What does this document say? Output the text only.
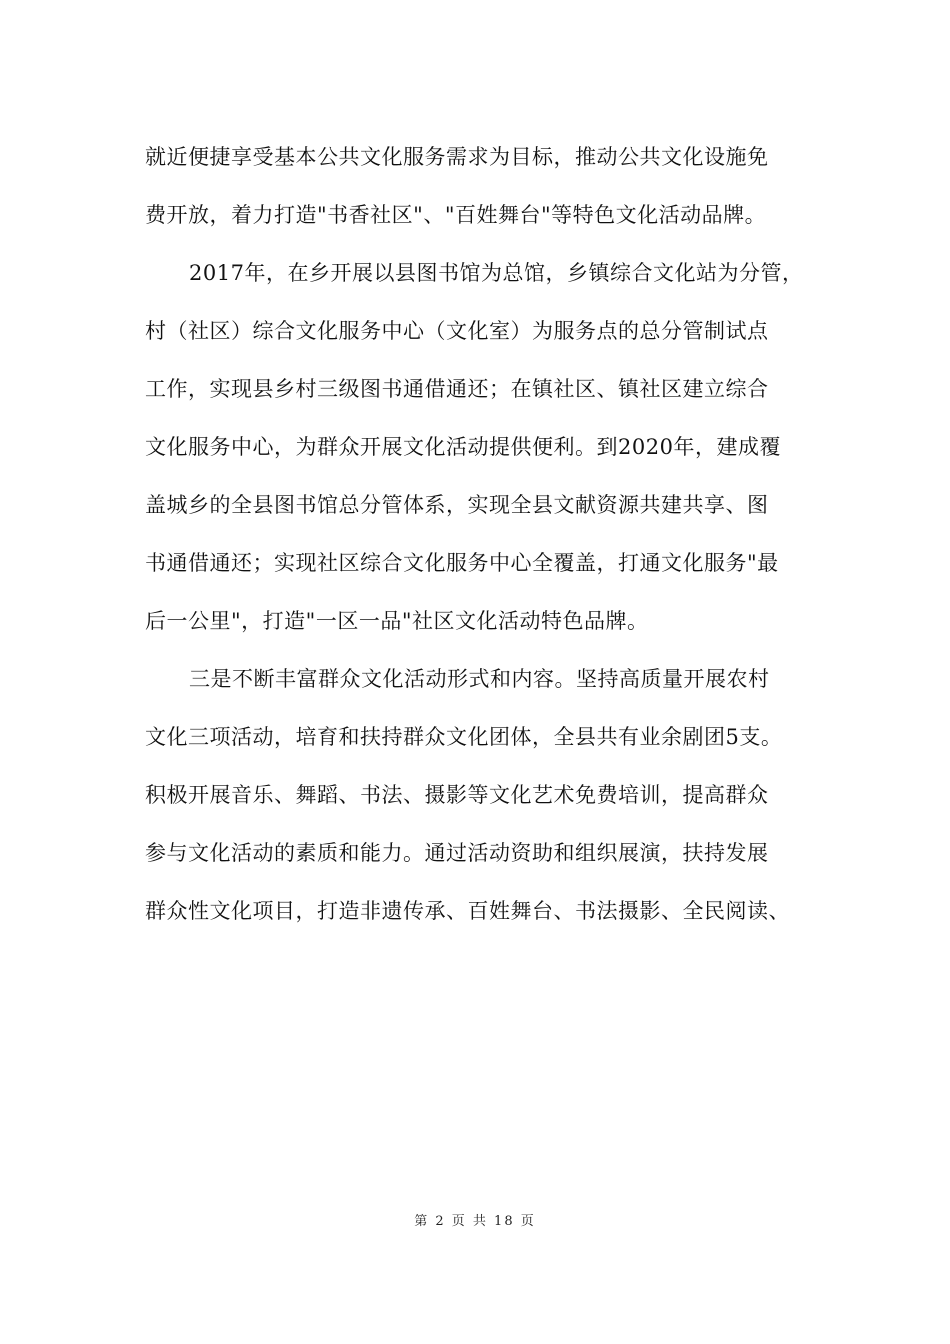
就近便捷享受基本公共文化服务需求为目标，推动公共文化设施免

费开放，着力打造"书香社区"、"百姓舞台"等特色文化活动品牌。

2017年，在乡开展以县图书馆为总馆，乡镇综合文化站为分管，

村（社区）综合文化服务中心（文化室）为服务点的总分管制试点

工作，实现县乡村三级图书通借通还；在镇社区、镇社区建立综合

文化服务中心，为群众开展文化活动提供便利。到2020年，建成覆

盖城乡的全县图书馆总分管体系，实现全县文献资源共建共享、图

书通借通还；实现社区综合文化服务中心全覆盖，打通文化服务"最

后一公里"，打造"一区一品"社区文化活动特色品牌。

三是不断丰富群众文化活动形式和内容。坚持高质量开展农村

文化三项活动，培育和扶持群众文化团体，全县共有业余剧团5支。

积极开展音乐、舞蹈、书法、摄影等文化艺术免费培训，提高群众

参与文化活动的素质和能力。通过活动资助和组织展演，扶持发展

群众性文化项目，打造非遗传承、百姓舞台、书法摄影、全民阅读、

第 2 页 共 18 页
